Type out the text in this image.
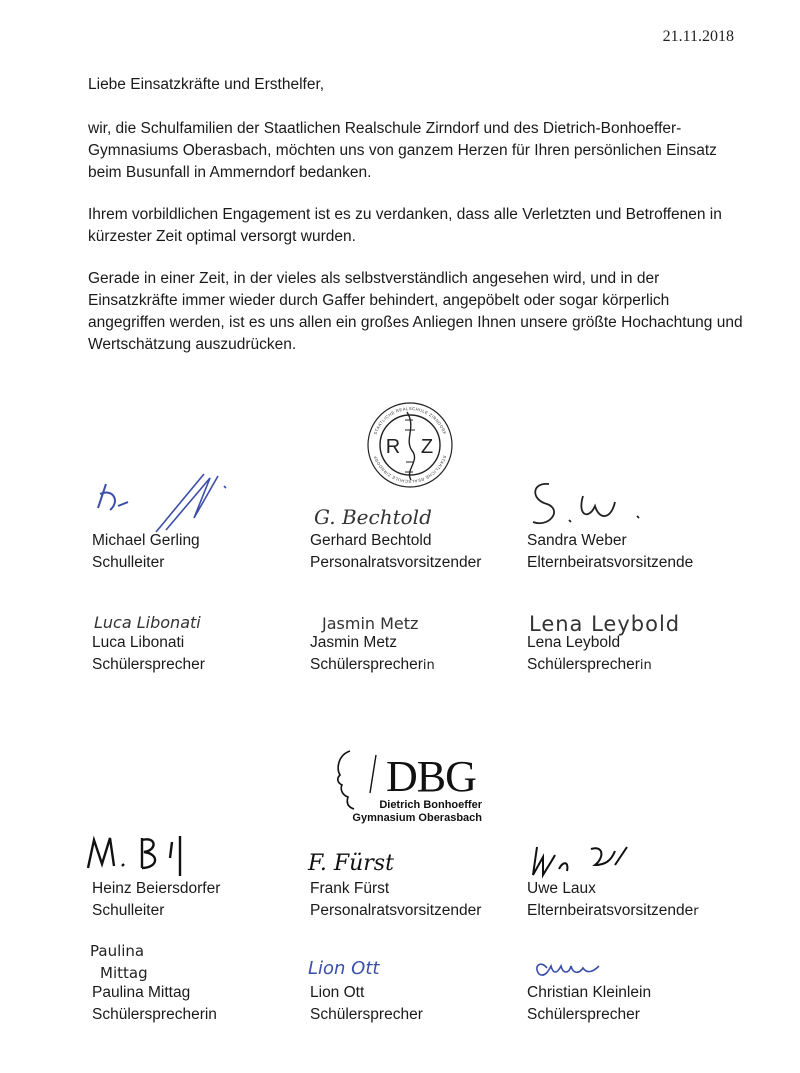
21.11.2018

Liebe Einsatzkräfte und Ersthelfer,

wir, die Schulfamilien der Staatlichen Realschule Zirndorf und des Dietrich-Bonhoeffer-Gymnasiums Oberasbach, möchten uns von ganzem Herzen für Ihren persönlichen Einsatz beim Busunfall in Ammerndorf bedanken.

Ihrem vorbildlichen Engagement ist es zu verdanken, dass alle Verletzten und Betroffenen in kürzester Zeit optimal versorgt wurden.

Gerade in einer Zeit, in der vieles als selbstverständlich angesehen wird, und in der Einsatzkräfte immer wieder durch Gaffer behindert, angepöbelt oder sogar körperlich angegriffen werden, ist es uns allen ein großes Anliegen Ihnen unsere größte Hochachtung und Wertschätzung auszudrücken.

STAATLICHE REALSCHULE ZIRNDORF
STAATLICHE REALSCHULE ZIRNDORF R Z
Michael Gerling
Schulleiter
G. Bechtold
Gerhard Bechtold
Personalratsvorsitzender
Sandra Weber
Elternbeiratsvorsitzende
Luca Libonati
Luca Libonati
Schülersprecher
Jasmin Metz
Jasmin Metz
Schülersprecherin
Lena Leybold
Lena Leybold
Schülersprecherin
DBG
Dietrich Bonhoeffer
Gymnasium Oberasbach
Heinz Beiersdorfer
Schulleiter
F. Fürst
Frank Fürst
Personalratsvorsitzender
Uwe Laux
Elternbeiratsvorsitzender
Paulina
Mittag
Paulina Mittag
Schülersprecherin
Lion Ott
Lion Ott
Schülersprecher
Christian Kleinlein
Schülersprecher
